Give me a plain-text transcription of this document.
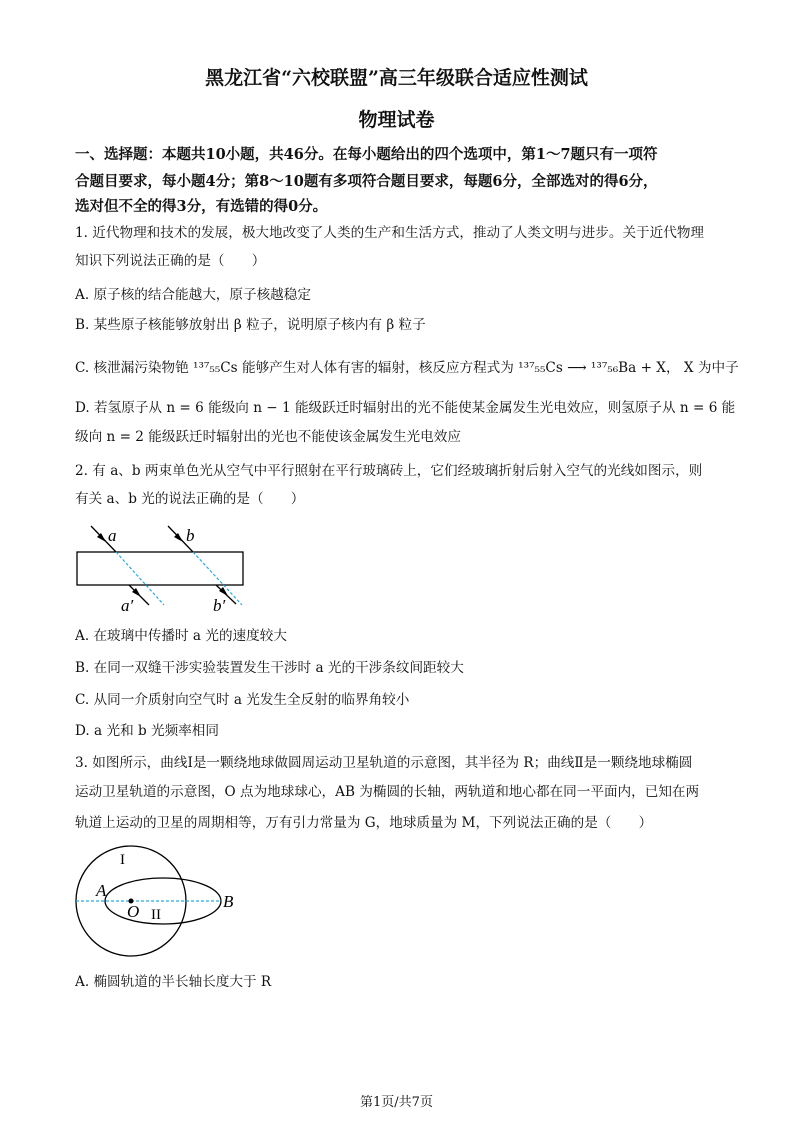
黑龙江省“六校联盟”高三年级联合适应性测试
物理试卷
一、选择题：本题共10小题，共46分。在每小题给出的四个选项中，第1～7题只有一项符
合题目要求，每小题4分；第8～10题有多项符合题目要求，每题6分，全部选对的得6分，
选对但不全的得3分，有选错的得0分。
1. 近代物理和技术的发展，极大地改变了人类的生产和生活方式，推动了人类文明与进步。关于近代物理
知识下列说法正确的是（　　）
A. 原子核的结合能越大，原子核越稳定
B. 某些原子核能够放射出 β 粒子，说明原子核内有 β 粒子
C. 核泄漏污染物铯 ¹³⁷₅₅Cs 能够产生对人体有害的辐射，核反应方程式为 ¹³⁷₅₅Cs ⟶ ¹³⁷₅₆Ba + X， X 为中子
D. 若氢原子从 n = 6 能级向 n − 1 能级跃迁时辐射出的光不能使某金属发生光电效应，则氢原子从 n = 6 能
级向 n = 2 能级跃迁时辐射出的光也不能使该金属发生光电效应
2. 有 a、b 两束单色光从空气中平行照射在平行玻璃砖上，它们经玻璃折射后射入空气的光线如图示，则
有关 a、b 光的说法正确的是（　　）
a	b
a′	b′
I
II
A
B
O
A. 在玻璃中传播时 a 光的速度较大
B. 在同一双缝干涉实验装置发生干涉时 a 光的干涉条纹间距较大
C. 从同一介质射向空气时 a 光发生全反射的临界角较小
D. a 光和 b 光频率相同
3. 如图所示，曲线Ⅰ是一颗绕地球做圆周运动卫星轨道的示意图，其半径为 R；曲线Ⅱ是一颗绕地球椭圆
运动卫星轨道的示意图，O 点为地球球心，AB 为椭圆的长轴，两轨道和地心都在同一平面内，已知在两
轨道上运动的卫星的周期相等，万有引力常量为 G，地球质量为 M，下列说法正确的是（　　）
A. 椭圆轨道的半长轴长度大于 R
第1页/共7页
